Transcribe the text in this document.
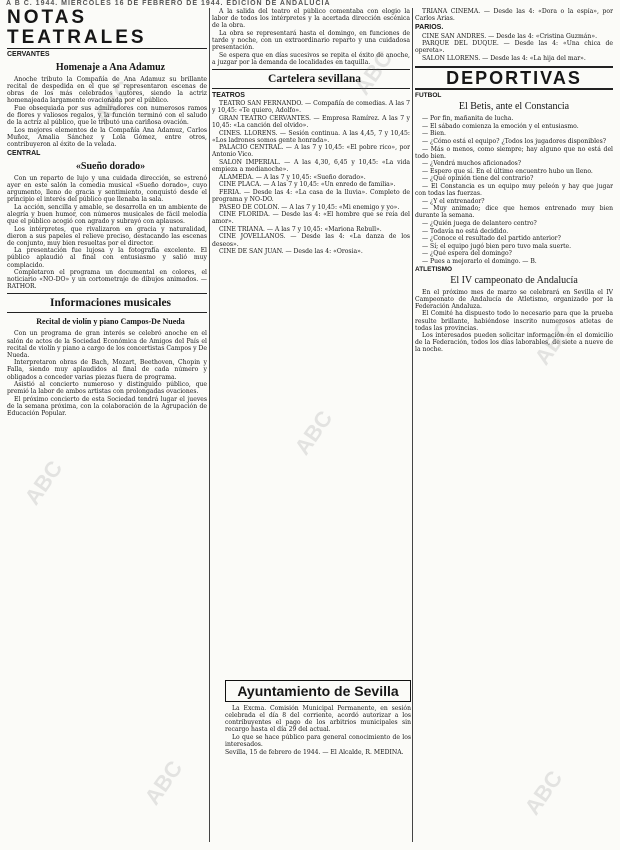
A B C. 1944. MIERCOLES 16 DE FEBRERO DE 1944. EDICION DE ANDALUCIA

NOTAS TEATRALES

CERVANTES

Homenaje a Ana Adamuz

Anoche tributo la Compañía de Ana Adamuz su brillante recital de despedida en el que se representaron escenas de obras de los más celebrados autores, siendo la actriz homenajeada largamente ovacionada por el público.

Fue obsequiada por sus admiradores con numerosos ramos de flores y valiosos regalos, y la función terminó con el saludo de la actriz al público, que le tributó una cariñosa ovación.

Los mejores elementos de la Compañía Ana Adamuz, Carlos Muñoz, Amalia Sánchez y Lola Gómez, entre otros, contribuyeron al éxito de la velada.

CENTRAL

«Sueño dorado»

Con un reparto de lujo y una cuidada dirección, se estrenó ayer en este salón la comedia musical «Sueño dorado», cuyo argumento, lleno de gracia y sentimiento, conquistó desde el principio el interés del público que llenaba la sala.

La acción, sencilla y amable, se desarrolla en un ambiente de alegría y buen humor, con números musicales de fácil melodía que el público acogió con agrado y subrayó con aplausos.

Los intérpretes, que rivalizaron en gracia y naturalidad, dieron a sus papeles el relieve preciso, destacando las escenas de conjunto, muy bien resueltas por el director.

La presentación fue lujosa y la fotografía excelente. El público aplaudió al final con entusiasmo y salió muy complacido.

Completaron el programa un documental en colores, el noticiario «NO-DO» y un cortometraje de dibujos animados. —RATHOR.

Informaciones musicales

Recital de violín y piano Campos-De Nueda

Con un programa de gran interés se celebró anoche en el salón de actos de la Sociedad Económica de Amigos del País el recital de violín y piano a cargo de los concertistas Campos y De Nueda.

Interpretaron obras de Bach, Mozart, Beethoven, Chopin y Falla, siendo muy aplaudidos al final de cada número y obligados a conceder varias piezas fuera de programa.

Asistió al concierto numeroso y distinguido público, que premió la labor de ambos artistas con prolongadas ovaciones.

El próximo concierto de esta Sociedad tendrá lugar el jueves de la semana próxima, con la colaboración de la Agrupación de Educación Popular.

A la salida del teatro el público comentaba con elogio la labor de todos los intérpretes y la acertada dirección escénica de la obra.

La obra se representará hasta el domingo, en funciones de tarde y noche, con un extraordinario reparto y una cuidadosa presentación.

Se espera que en días sucesivos se repita el éxito de anoche, a juzgar por la demanda de localidades en taquilla.

Cartelera sevillana

TEATROS

TEATRO SAN FERNANDO. — Compañía de comedias. A las 7 y 10,45: «Te quiero, Adolfo».

GRAN TEATRO CERVANTES. — Empresa Ramírez. A las 7 y 10,45: «La canción del olvido».

CINES. LLORENS. — Sesión continua. A las 4,45, 7 y 10,45: «Los ladrones somos gente honrada».

PALACIO CENTRAL. — A las 7 y 10,45: «El pobre rico», por Antonio Vico.

SALON IMPERIAL. — A las 4,30, 6,45 y 10,45: «La vida empieza a medianoche».

ALAMEDA. — A las 7 y 10,45: «Sueño dorado».

CINE PLACA. — A las 7 y 10,45: «Un enredo de familia».

FERIA. — Desde las 4: «La casa de la lluvia». Completo de programa y NO-DO.

PASEO DE COLON. — A las 7 y 10,45: «Mi enemigo y yo».

CINE FLORIDA. — Desde las 4: «El hombre que se reía del amor».

CINE TRIANA. — A las 7 y 10,45: «Mariona Rebull».

CINE JOVELLANOS. — Desde las 4: «La danza de los deseos».

CINE DE SAN JUAN. — Desde las 4: «Orosia».

Ayuntamiento de Sevilla

La Excma. Comisión Municipal Permanente, en sesión celebrada el día 8 del corriente, acordó autorizar a los contribuyentes el pago de los arbitrios municipales sin recargo hasta el día 29 del actual.

Lo que se hace público para general conocimiento de los interesados.

Sevilla, 15 de febrero de 1944. — El Alcalde, R. MEDINA.

TRIANA CINEMA. — Desde las 4: «Dora o la espía», por Carlos Arias.

PARIOS.

CINE SAN ANDRES. — Desde las 4: «Cristina Guzmán».

PARQUE DEL DUQUE. — Desde las 4: «Una chica de opereta».

SALON LLORENS. — Desde las 4: «La hija del mar».

DEPORTIVAS

FUTBOL

El Betis, ante el Constancia

— Por fin, mañanita de lucha.

— El sábado comienza la emoción y el entusiasmo.

— Bien.

— ¿Cómo está el equipo? ¿Todos los jugadores disponibles?

— Más o menos, como siempre; hay alguno que no está del todo bien.

— ¿Vendrá muchos aficionados?

— Espero que sí. En el último encuentro hubo un lleno.

— ¿Qué opinión tiene del contrario?

— El Constancia es un equipo muy peleón y hay que jugar con todas las fuerzas.

— ¿Y el entrenador?

— Muy animado; dice que hemos entrenado muy bien durante la semana.

— ¿Quién juega de delantero centro?

— Todavía no está decidido.

— ¿Conoce el resultado del partido anterior?

— Sí; el equipo jugó bien pero tuvo mala suerte.

— ¿Qué espera del domingo?

— Pues a mejorarlo el domingo. — B.

ATLETISMO

El IV campeonato de Andalucía

En el próximo mes de marzo se celebrará en Sevilla el IV Campeonato de Andalucía de Atletismo, organizado por la Federación Andaluza.

El Comité ha dispuesto todo lo necesario para que la prueba resulte brillante, habiéndose inscrito numerosos atletas de todas las provincias.

Los interesados pueden solicitar información en el domicilio de la Federación, todos los días laborables, de siete a nueve de la noche.

ABC
ABC
ABC
ABC
ABC
ABC	ABC
